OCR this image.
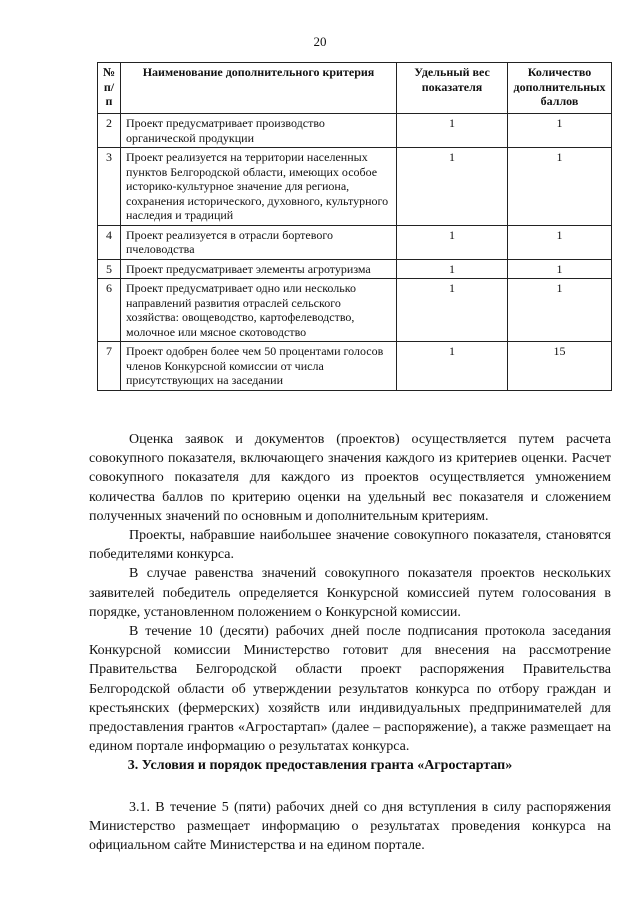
20
№ п/п	Наименование дополнительного критерия	Удельный вес показателя	Количество дополнительных баллов
2	Проект предусматривает производство органической продукции	1	1
3	Проект реализуется на территории населенных пунктов Белгородской области, имеющих особое историко-культурное значение для региона, сохранения исторического, духовного, культурного наследия и традиций	1	1
4	Проект реализуется в отрасли бортевого пчеловодства	1	1
5	Проект предусматривает элементы агротуризма	1	1
6	Проект предусматривает одно или несколько направлений развития отраслей сельского хозяйства: овощеводство, картофелеводство, молочное или мясное скотоводство	1	1
7	Проект одобрен более чем 50 процентами голосов членов Конкурсной комиссии от числа присутствующих на заседании	1	15

Оценка заявок и документов (проектов) осуществляется путем расчета совокупного показателя, включающего значения каждого из критериев оценки. Расчет совокупного показателя для каждого из проектов осуществляется умножением количества баллов по критерию оценки на удельный вес показателя и сложением полученных значений по основным и дополнительным критериям.

Проекты, набравшие наибольшее значение совокупного показателя, становятся победителями конкурса.

В случае равенства значений совокупного показателя проектов нескольких заявителей победитель определяется Конкурсной комиссией путем голосования в порядке, установленном положением о Конкурсной комиссии.

В течение 10 (десяти) рабочих дней после подписания протокола заседания Конкурсной комиссии Министерство готовит для внесения на рассмотрение Правительства Белгородской области проект распоряжения Правительства Белгородской области об утверждении результатов конкурса по отбору граждан и крестьянских (фермерских) хозяйств или индивидуальных предпринимателей для предоставления грантов «Агростартап» (далее – распоряжение), а также размещает на едином портале информацию о результатах конкурса.

3. Условия и порядок предоставления гранта «Агростартап»

3.1. В течение 5 (пяти) рабочих дней со дня вступления в силу распоряжения Министерство размещает информацию о результатах проведения конкурса на официальном сайте Министерства и на едином портале.
